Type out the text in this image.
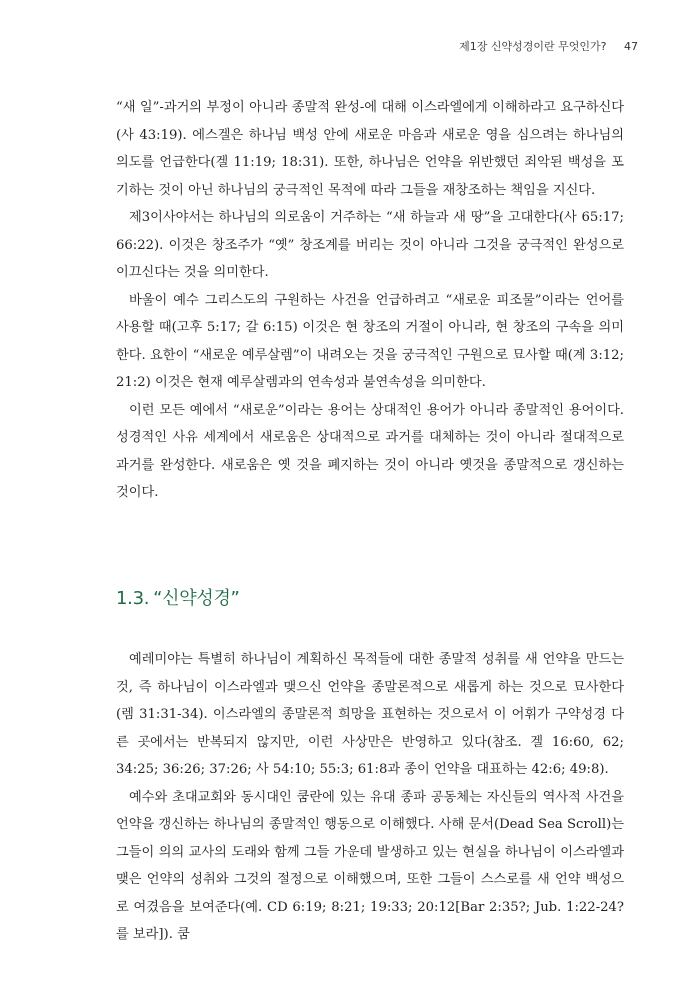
제1장 신약성경이란 무엇인가? 47

“새 일”-과거의 부정이 아니라 종말적 완성-에 대해 이스라엘에게 이해하라고 요구하신다(사 43:19). 에스겔은 하나님 백성 안에 새로운 마음과 새로운 영을 심으려는 하나님의 의도를 언급한다(겔 11:19; 18:31). 또한, 하나님은 언약을 위반했던 죄악된 백성을 포기하는 것이 아닌 하나님의 궁극적인 목적에 따라 그들을 재창조하는 책임을 지신다.

제3이사야서는 하나님의 의로움이 거주하는 “새 하늘과 새 땅”을 고대한다(사 65:17; 66:22). 이것은 창조주가 “옛” 창조계를 버리는 것이 아니라 그것을 궁극적인 완성으로 이끄신다는 것을 의미한다.

바울이 예수 그리스도의 구원하는 사건을 언급하려고 “새로운 피조물”이라는 언어를 사용할 때(고후 5:17; 갈 6:15) 이것은 현 창조의 거절이 아니라, 현 창조의 구속을 의미한다. 요한이 “새로운 예루살렘”이 내려오는 것을 궁극적인 구원으로 묘사할 때(계 3:12; 21:2) 이것은 현재 예루살렘과의 연속성과 불연속성을 의미한다.

이런 모든 예에서 “새로운”이라는 용어는 상대적인 용어가 아니라 종말적인 용어이다. 성경적인 사유 세계에서 새로움은 상대적으로 과거를 대체하는 것이 아니라 절대적으로 과거를 완성한다. 새로움은 옛 것을 폐지하는 것이 아니라 옛것을 종말적으로 갱신하는 것이다.

1.3. “신약성경”

예레미야는 특별히 하나님이 계획하신 목적들에 대한 종말적 성취를 새 언약을 만드는 것, 즉 하나님이 이스라엘과 맺으신 언약을 종말론적으로 새롭게 하는 것으로 묘사한다(렘 31:31-34). 이스라엘의 종말론적 희망을 표현하는 것으로서 이 어휘가 구약성경 다른 곳에서는 반복되지 않지만, 이런 사상만은 반영하고 있다(참조. 겔 16:60, 62; 34:25; 36:26; 37:26; 사 54:10; 55:3; 61:8과 종이 언약을 대표하는 42:6; 49:8).

예수와 초대교회와 동시대인 쿰란에 있는 유대 종파 공동체는 자신들의 역사적 사건을 언약을 갱신하는 하나님의 종말적인 행동으로 이해했다. 사해 문서(Dead Sea Scroll)는 그들이 의의 교사의 도래와 함께 그들 가운데 발생하고 있는 현실을 하나님이 이스라엘과 맺은 언약의 성취와 그것의 절정으로 이해했으며, 또한 그들이 스스로를 새 언약 백성으로 여겼음을 보여준다(예. CD 6:19; 8:21; 19:33; 20:12[Bar 2:35?; Jub. 1:22-24?를 보라]). 쿰
